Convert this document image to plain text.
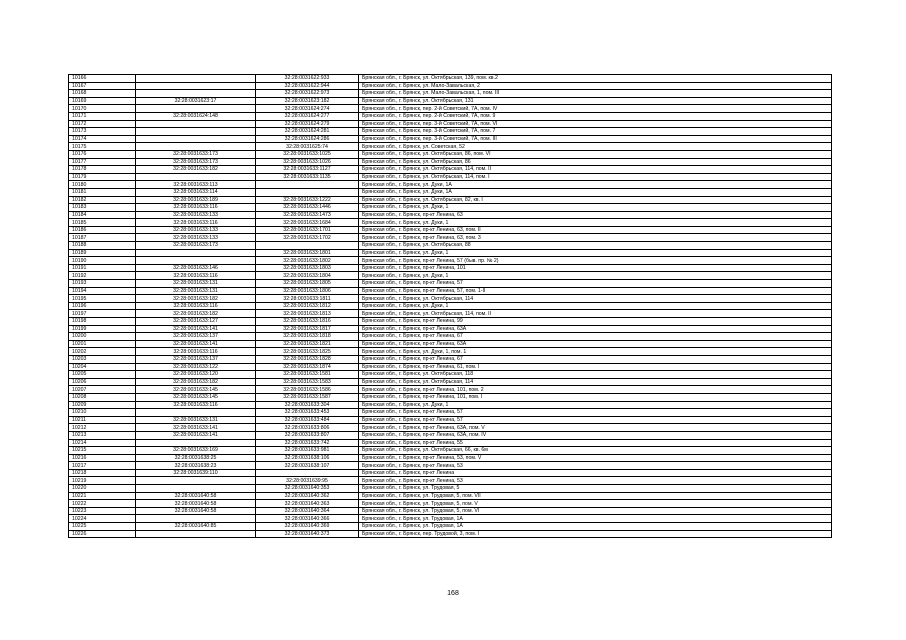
10166		32:28:0031622:933	Брянская обл., г. Брянск, ул. Октябрьская, 139, пом. кв.2
10167		32:28:0031622:944	Брянская обл., г. Брянск, ул. Мало-Завальская, 2
10168		32:28:0031622:973	Брянская обл., г. Брянск, ул. Мало-Завальская, 1, пом. III
10169	32:28:0031623:17	32:28:0031623:182	Брянская обл., г. Брянск, ул. Октябрьская, 131
10170		32:28:0031624:274	Брянская обл., г. Брянск, пер. 2-й Советский, 7А, пом. IV
10171	32:28:0031624:148	32:28:0031624:277	Брянская обл., г. Брянск, пер. 2-й Советский, 7А, пом. 9
10172		32:28:0031624:279	Брянская обл., г. Брянск, пер. 3-й Советский, 7А, пом. VI
10173		32:28:0031624:281	Брянская обл., г. Брянск, пер. 3-й Советский, 7А, пом. 7
10174		32:28:0031624:286	Брянская обл., г. Брянск, пер. 3-й Советский, 7А, пом. III
10175		32:28:0031625:74	Брянская обл., г. Брянск, ул. Советская, 52
10176	32:28:0031633:173	32:28:0031633:1025	Брянская обл., г. Брянск, ул. Октябрьская, 86, пом. VI
10177	32:28:0031633:173	32:28:0031633:1026	Брянская обл., г. Брянск, ул. Октябрьская, 86
10178	32:28:0031633:182	32:28:0031633:1127	Брянская обл., г. Брянск, ул. Октябрьская, 114, пом. II
10179		32:28:0031633:1135	Брянская обл., г. Брянск, ул. Октябрьская, 114, пом. I
10180	32:28:0031633:113		Брянская обл., г. Брянск, ул. Дуки, 1А
10181	32:28:0031633:114		Брянская обл., г. Брянск, ул. Дуки, 1А
10182	32:28:0031633:189	32:28:0031633:1222	Брянская обл., г. Брянск, ул. Октябрьская, 82, кв. I
10183	32:28:0031633:116	32:28:0031633:1446	Брянская обл., г. Брянск, ул. Дуки, 1
10184	32:28:0031633:133	32:28:0031633:1473	Брянская обл., г. Брянск, пр-кт Ленина, 63
10185	32:28:0031633:116	32:28:0031633:1684	Брянская обл., г. Брянск, ул. Дуки, 1
10186	32:28:0031633:133	32:28:0031633:1701	Брянская обл., г. Брянск, пр-кт Ленина, 63, пом. II
10187	32:28:0031633:133	32:28:0031633:1702	Брянская обл., г. Брянск, пр-кт Ленина, 63, пом. 3
10188	32:28:0031633:173		Брянская обл., г. Брянск, ул. Октябрьская, 88
10189		32:28:0031633:1801	Брянская обл., г. Брянск, ул. Дуки, 1
10190		32:28:0031633:1802	Брянская обл., г. Брянск, пр-кт Ленина, 57 (быв. пр. № 2)
10191	32:28:0031633:146	32:28:0031633:1803	Брянская обл., г. Брянск, пр-кт Ленина, 101
10192	32:28:0031633:116	32:28:0031633:1804	Брянская обл., г. Брянск, ул. Дуки, 1
10193	32:28:0031633:131	32:28:0031633:1805	Брянская обл., г. Брянск, пр-кт Ленина, 57
10194	32:28:0031633:131	32:28:0031633:1806	Брянская обл., г. Брянск, пр-кт Ленина, 57, пом. 1-II
10195	32:28:0031633:182	32:28:0031633:1811	Брянская обл., г. Брянск, ул. Октябрьская, 114
10196	32:28:0031633:116	32:28:0031633:1812	Брянская обл., г. Брянск, ул. Дуки, 1
10197	32:28:0031633:182	32:28:0031633:1813	Брянская обл., г. Брянск, ул. Октябрьская, 114, пом. II
10198	32:28:0031633:127	32:28:0031633:1816	Брянская обл., г. Брянск, пр-кт Ленина, 99
10199	32:28:0031633:141	32:28:0031633:1817	Брянская обл., г. Брянск, пр-кт Ленина, 63А
10200	32:28:0031633:137	32:28:0031633:1818	Брянская обл., г. Брянск, пр-кт Ленина, 67
10201	32:28:0031633:141	32:28:0031633:1821	Брянская обл., г. Брянск, пр-кт Ленина, 63А
10202	32:28:0031633:116	32:28:0031633:1825	Брянская обл., г. Брянск, ул. Дуки, 1, пом. 1
10203	32:28:0031633:137	32:28:0031633:1828	Брянская обл., г. Брянск, пр-кт Ленина, 67
10204	32:28:0031633:122	32:28:0031633:1874	Брянская обл., г. Брянск, пр-кт Ленина, 61, пом. I
10205	32:28:0031633:120	32:28:0031633:1581	Брянская обл., г. Брянск, ул. Октябрьская, 118
10206	32:28:0031633:182	32:28:0031633:1583	Брянская обл., г. Брянск, ул. Октябрьская, 114
10207	32:28:0031633:145	32:28:0031633:1586	Брянская обл., г. Брянск, пр-кт Ленина, 101, пом. 2
10208	32:28:0031633:145	32:28:0031633:1587	Брянская обл., г. Брянск, пр-кт Ленина, 101, пом. I
10209	32:28:0031633:116	32:28:0031633:304	Брянская обл., г. Брянск, ул. Дуки, 1
10210		32:28:0031633:453	Брянская обл., г. Брянск, пр-кт Ленина, 57
10211	32:28:0031633:131	32:28:0031633:484	Брянская обл., г. Брянск, пр-кт Ленина, 57
10212	32:28:0031633:141	32:28:0031633:806	Брянская обл., г. Брянск, пр-кт Ленина, 63А, пом. V
10213	32:28:0031633:141	32:28:0031633:807	Брянская обл., г. Брянск, пр-кт Ленина, 63А, пом. IV
10214		32:28:0031633:742	Брянская обл., г. Брянск, пр-кт Ленина, 55
10215	32:28:0031633:169	32:28:0031633:981	Брянская обл., г. Брянск, ул. Октябрьская, 66, кв. 6м
10216	32:28:0031638:25	32:28:0031638:106	Брянская обл., г. Брянск, пр-кт Ленина, 53, пом. V
10217	32:28:0031638:23	32:28:0031638:107	Брянская обл., г. Брянск, пр-кт Ленина, 53
10218	32:28:0031639:110		Брянская обл., г. Брянск, пр-кт Ленина
10219		32:28:0031639:95	Брянская обл., г. Брянск, пр-кт Ленина, 53
10220		32:28:0031640:353	Брянская обл., г. Брянск, ул. Трудовая, 5
10221	32:28:0031640:58	32:28:0031640:362	Брянская обл., г. Брянск, ул. Трудовая, 5, пом. VII
10222	32:28:0031640:58	32:28:0031640:363	Брянская обл., г. Брянск, ул. Трудовая, 5, пом. V
10223	32:28:0031640:58	32:28:0031640:364	Брянская обл., г. Брянск, ул. Трудовая, 5, пом. VI
10224		32:28:0031640:366	Брянская обл., г. Брянск, ул. Трудовая, 1А
10225	32:28:0031640:85	32:28:0031640:369	Брянская обл., г. Брянск, ул. Трудовая, 1А
10226		32:28:0031640:373	Брянская обл., г. Брянск, пер. Трудовой, 3, пом. I
168
